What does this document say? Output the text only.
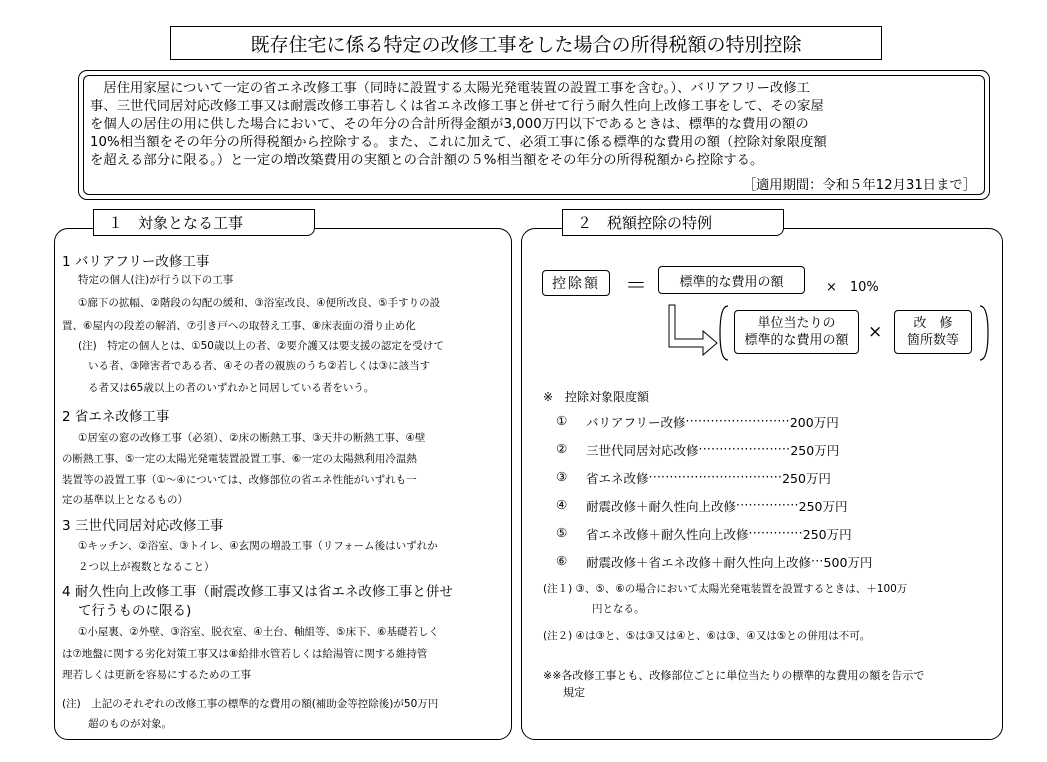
既存住宅に係る特定の改修工事をした場合の所得税額の特別控除

　居住用家屋について一定の省エネ改修工事（同時に設置する太陽光発電装置の設置工事を含む。）、バリアフリー改修工

事、三世代同居対応改修工事又は耐震改修工事若しくは省エネ改修工事と併せて行う耐久性向上改修工事をして、その家屋

を個人の居住の用に供した場合において、その年分の合計所得金額が3,000万円以下であるときは、標準的な費用の額の

10%相当額をその年分の所得税額から控除する。また、これに加えて、必須工事に係る標準的な費用の額（控除対象限度額

を超える部分に限る。）と一定の増改築費用の実額との合計額の５%相当額をその年分の所得税額から控除する。

［適用期間：令和５年12月31日まで］
１　対象となる工事
1 バリアフリー改修工事
特定の個人(注)が行う以下の工事
①廊下の拡幅、②階段の勾配の緩和、③浴室改良、④便所改良、⑤手すりの設
置、⑥屋内の段差の解消、⑦引き戸への取替え工事、⑧床表面の滑り止め化
(注)　特定の個人とは、①50歳以上の者、②要介護又は要支援の認定を受けて
いる者、③障害者である者、④その者の親族のうち②若しくは③に該当す
る者又は65歳以上の者のいずれかと同居している者をいう。
2 省エネ改修工事
①居室の窓の改修工事（必須）、②床の断熱工事、③天井の断熱工事、④壁
の断熱工事、⑤一定の太陽光発電装置設置工事、⑥一定の太陽熱利用冷温熱
装置等の設置工事（①～④については、改修部位の省エネ性能がいずれも一
定の基準以上となるもの）
3 三世代同居対応改修工事
①キッチン、②浴室、③トイレ、④玄関の増設工事（リフォーム後はいずれか
２つ以上が複数となること）
4 耐久性向上改修工事（耐震改修工事又は省エネ改修工事と併せ
て行うものに限る)
①小屋裏、②外壁、③浴室、脱衣室、④土台、軸組等、⑤床下、⑥基礎若しく
は⑦地盤に関する劣化対策工事又は⑧給排水管若しくは給湯管に関する維持管
理若しくは更新を容易にするための工事
(注)　上記のそれぞれの改修工事の標準的な費用の額(補助金等控除後)が50万円
超のものが対象。
２　税額控除の特例
控除額	＝	標準的な費用の額	×　10%
単位当たりの
標準的な費用の額 × 改　修
箇所数等
※　控除対象限度額
①	バリアフリー改修 ························· 200万円
②	三世代同居対応改修 ······················ 250万円
③	省エネ改修 ································ 250万円
④	耐震改修＋耐久性向上改修 ··············· 250万円
⑤	省エネ改修＋耐久性向上改修 ············· 250万円
⑥	耐震改修＋省エネ改修＋耐久性向上改修 ··· 500万円
(注１) ③、⑤、⑥の場合において太陽光発電装置を設置するときは、＋100万
円となる。
(注２) ④は③と、⑤は③又は④と、⑥は③、④又は⑤との併用は不可。
※※各改修工事とも、改修部位ごとに単位当たりの標準的な費用の額を告示で
規定
